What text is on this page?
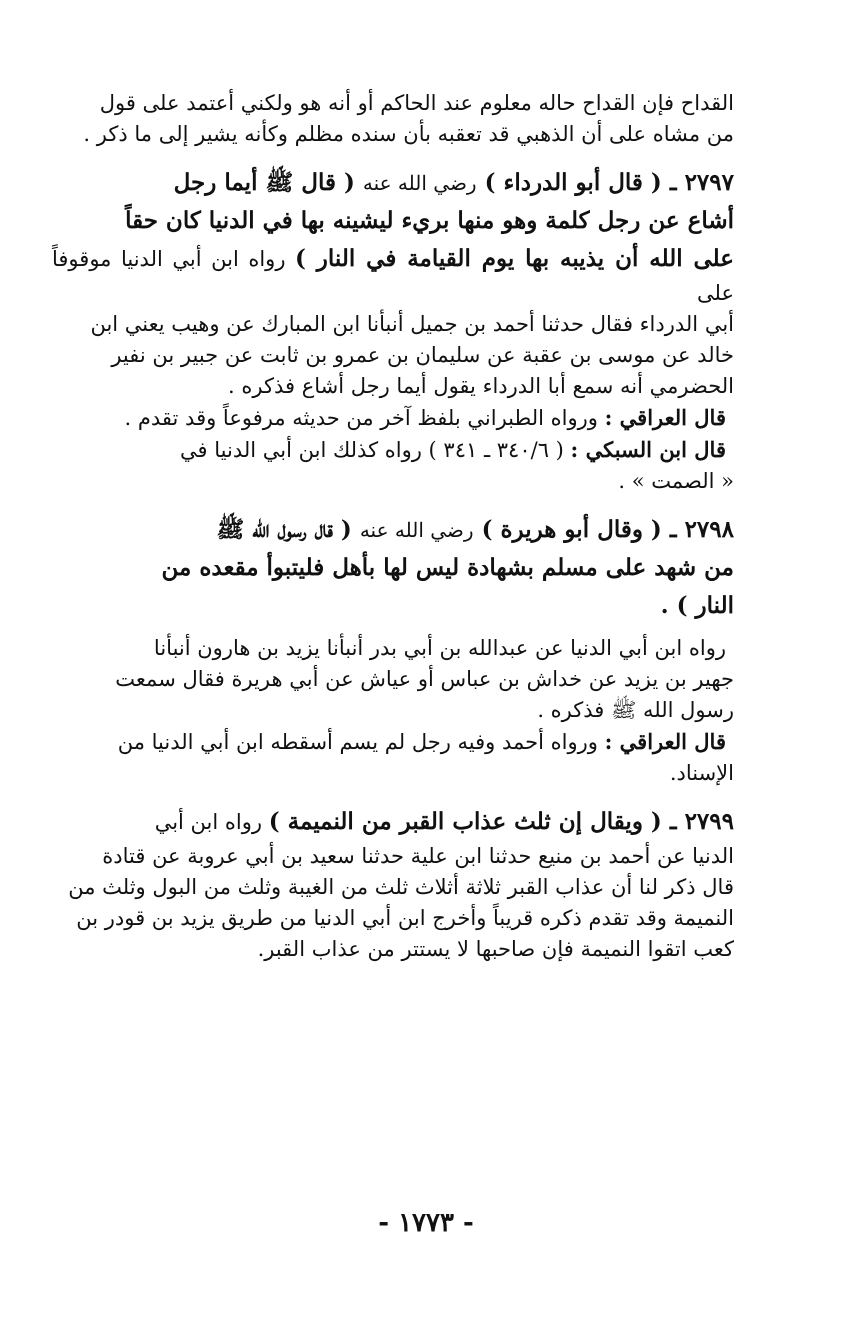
القداح فإن القداح حاله معلوم عند الحاكم أو أنه هو ولكني أعتمد على قول

من مشاه على أن الذهبي قد تعقبه بأن سنده مظلم وكأنه يشير إلى ما ذكر .

٢٧٩٧ ـ ( قال أبو الدرداء ) رضي الله عنه ( قال ﷺ أيما رجل

أشاع عن رجل كلمة وهو منها بريء ليشينه بها في الدنيا كان حقاً

على الله أن يذيبه بها يوم القيامة في النار ) رواه ابن أبي الدنيا موقوفاً على

أبي الدرداء فقال حدثنا أحمد بن جميل أنبأنا ابن المبارك عن وهيب يعني ابن

خالد عن موسى بن عقبة عن سليمان بن عمرو بن ثابت عن جبير بن نفير

الحضرمي أنه سمع أبا الدرداء يقول أيما رجل أشاع فذكره .

قال العراقي : ورواه الطبراني بلفظ آخر من حديثه مرفوعاً وقد تقدم .

قال ابن السبكي : ( ٣٤٠/٦ ـ ٣٤١ ) رواه كذلك ابن أبي الدنيا في

« الصمت » .

٢٧٩٨ ـ ( وقال أبو هريرة ) رضي الله عنه ( قال رسول الله ﷺ

من شهد على مسلم بشهادة ليس لها بأهل فليتبوأ مقعده من

النار ) .

رواه ابن أبي الدنيا عن عبدالله بن أبي بدر أنبأنا يزيد بن هارون أنبأنا

جهير بن يزيد عن خداش بن عباس أو عياش عن أبي هريرة فقال سمعت

رسول الله ﷺ فذكره .

قال العراقي : ورواه أحمد وفيه رجل لم يسم أسقطه ابن أبي الدنيا من

الإسناد.

٢٧٩٩ ـ ( ويقال إن ثلث عذاب القبر من النميمة ) رواه ابن أبي

الدنيا عن أحمد بن منيع حدثنا ابن علية حدثنا سعيد بن أبي عروبة عن قتادة

قال ذكر لنا أن عذاب القبر ثلاثة أثلاث ثلث من الغيبة وثلث من البول وثلث من

النميمة وقد تقدم ذكره قريباً وأخرج ابن أبي الدنيا من طريق يزيد بن قودر بن

كعب اتقوا النميمة فإن صاحبها لا يستتر من عذاب القبر.

- ١٧٧٣ -
